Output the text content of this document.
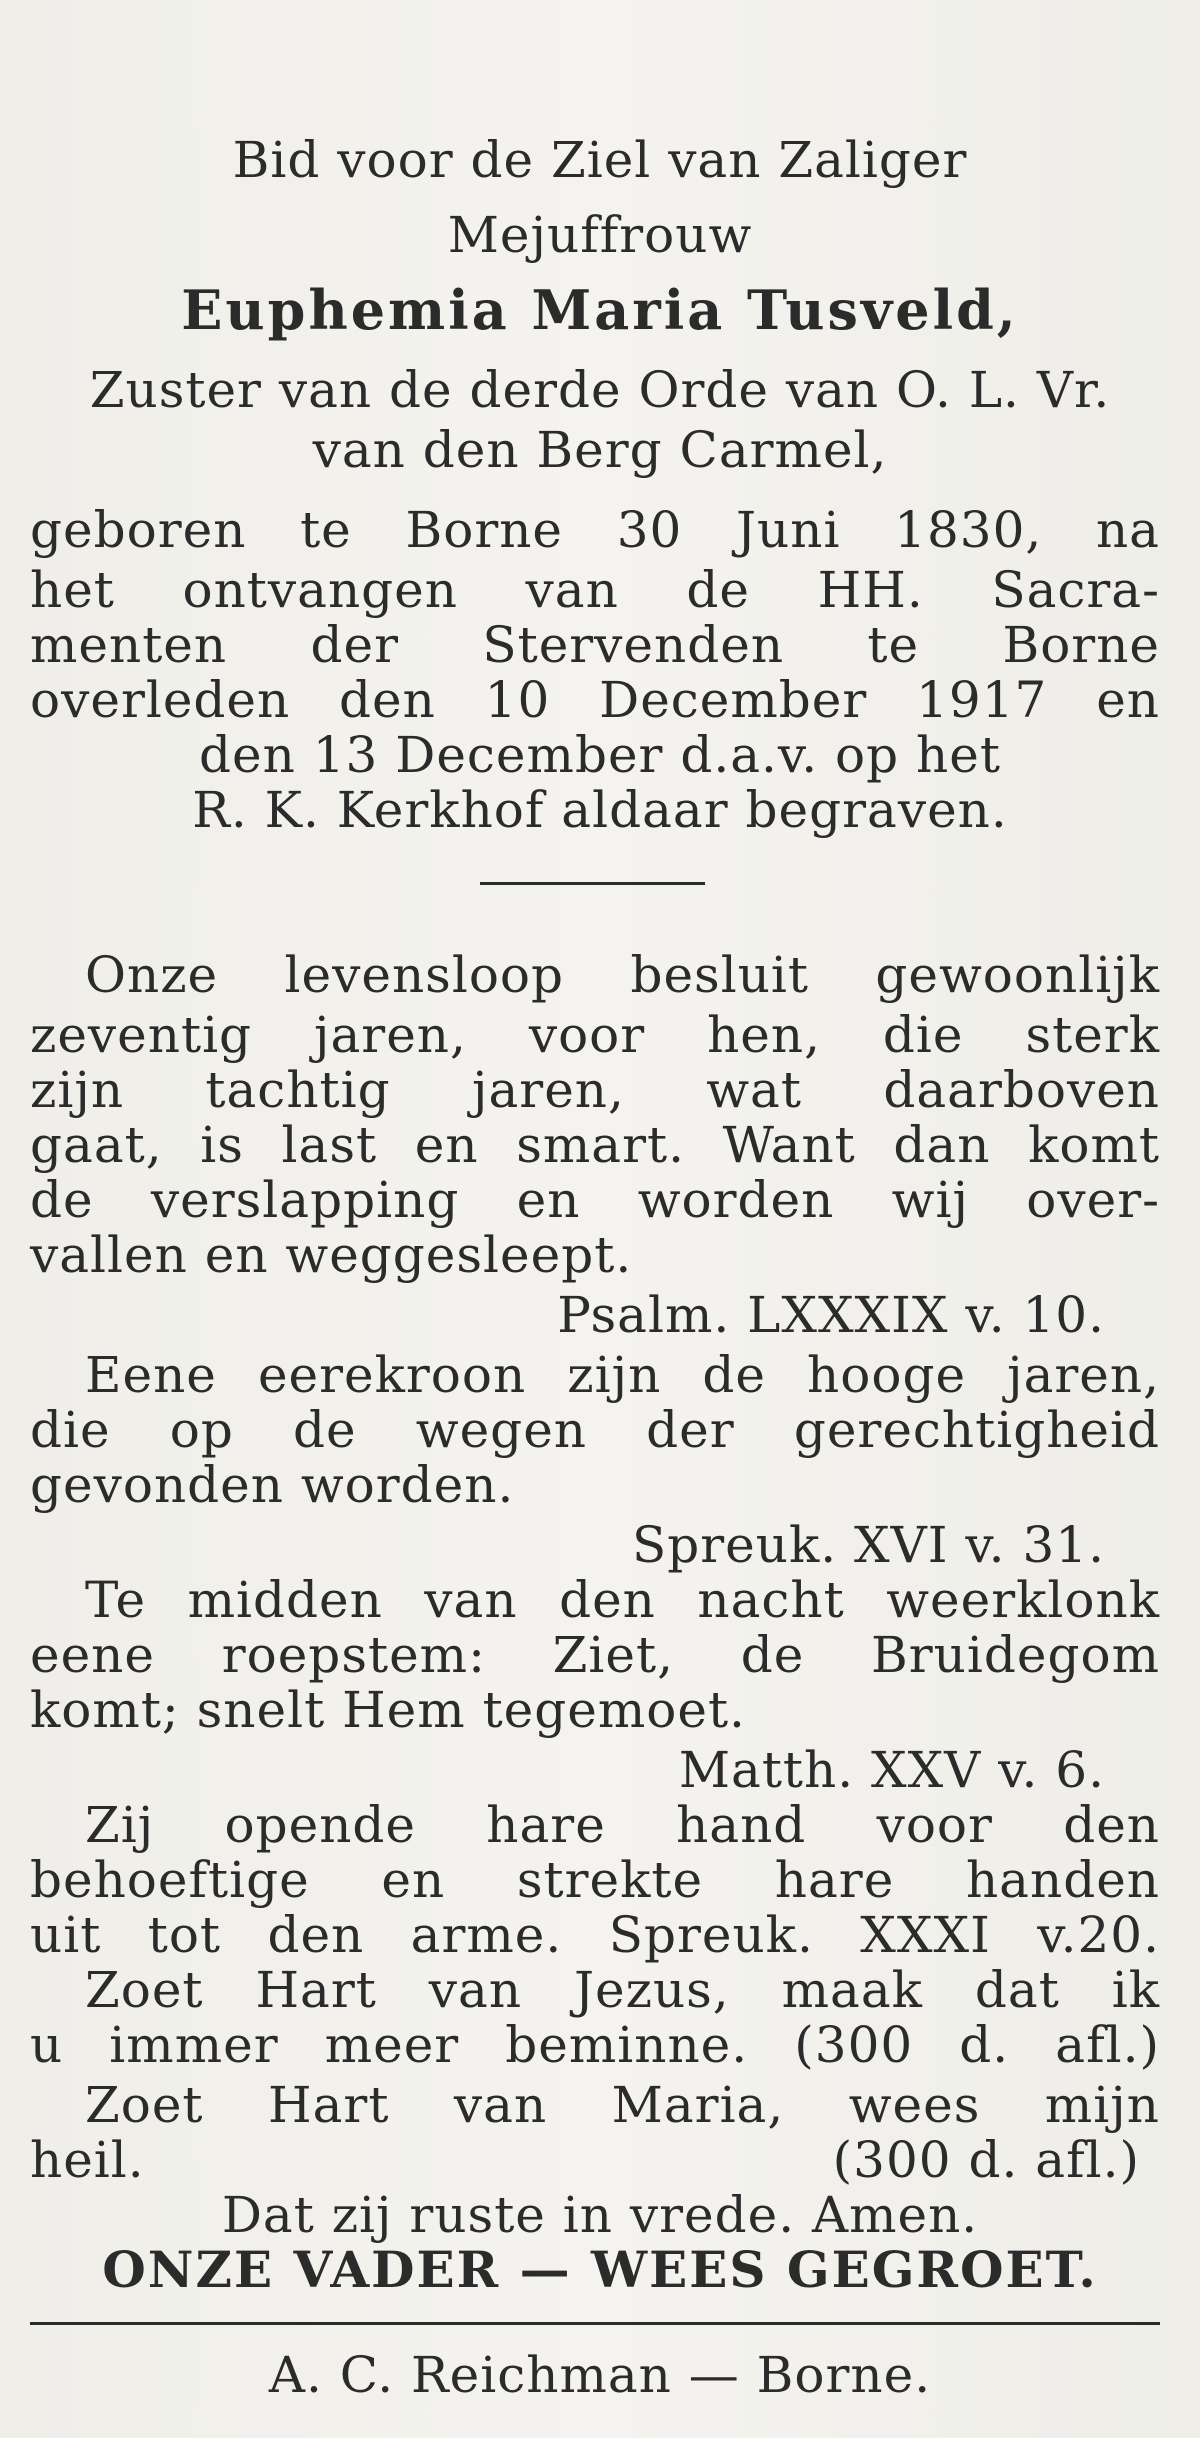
Bid voor de Ziel van Zaliger
Mejuffrouw
Euphemia Maria Tusveld,
Zuster van de derde Orde van O. L. Vr.
van den Berg Carmel,
geboren te Borne 30 Juni 1830, na
het ontvangen van de HH. Sacra-
menten der Stervenden te Borne
overleden den 10 December 1917 en
den 13 December d.a.v. op het
R. K. Kerkhof aldaar begraven.
Onze levensloop besluit gewoonlijk
zeventig jaren, voor hen, die sterk
zijn tachtig jaren, wat daarboven
gaat, is last en smart. Want dan komt
de verslapping en worden wij over-
vallen en weggesleept.
Psalm. LXXXIX v. 10.
Eene eerekroon zijn de hooge jaren,
die op de wegen der gerechtigheid
gevonden worden.
Spreuk. XVI v. 31.
Te midden van den nacht weerklonk
eene roepstem: Ziet, de Bruidegom
komt; snelt Hem tegemoet.
Matth. XXV v. 6.
Zij opende hare hand voor den
behoeftige en strekte hare handen
uit tot den arme. Spreuk. XXXI v.20.
Zoet Hart van Jezus, maak dat ik
u immer meer beminne. (300 d. afl.)
Zoet Hart van Maria, wees mijn
heil.	(300 d. afl.)
Dat zij ruste in vrede. Amen.
ONZE VADER — WEES GEGROET.
A. C. Reichman — Borne.
